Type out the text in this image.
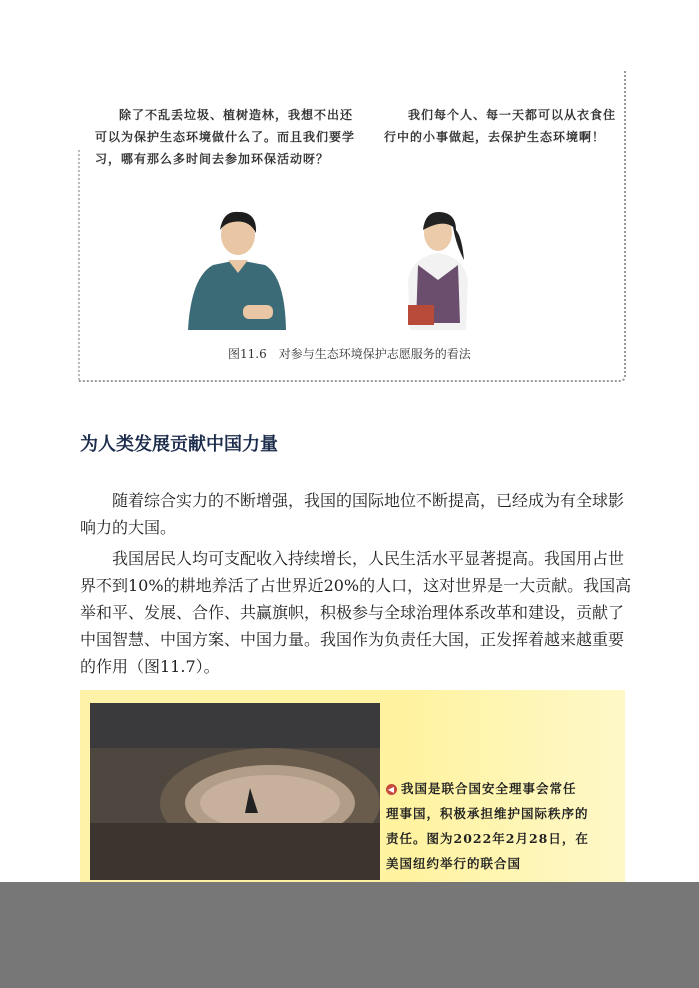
除了不乱丢垃圾、植树造林，我想不出还
可以为保护生态环境做什么了。而且我们要学
习，哪有那么多时间去参加环保活动呀？
我们每个人、每一天都可以从衣食住
行中的小事做起，去保护生态环境啊！
图11.6　对参与生态环境保护志愿服务的看法
为人类发展贡献中国力量
随着综合实力的不断增强，我国的国际地位不断提高，已经成为有全球影
响力的大国。
我国居民人均可支配收入持续增长，人民生活水平显著提高。我国用占世
界不到10%的耕地养活了占世界近20%的人口，这对世界是一大贡献。我国高
举和平、发展、合作、共赢旗帜，积极参与全球治理体系改革和建设，贡献了
中国智慧、中国方案、中国力量。我国作为负责任大国，正发挥着越来越重要
的作用（图11.7）。
◀ 我国是联合国安全理事会常任
理事国，积极承担维护国际秩序的
责任。图为2022年2月28日，在
美国纽约举行的联合国
